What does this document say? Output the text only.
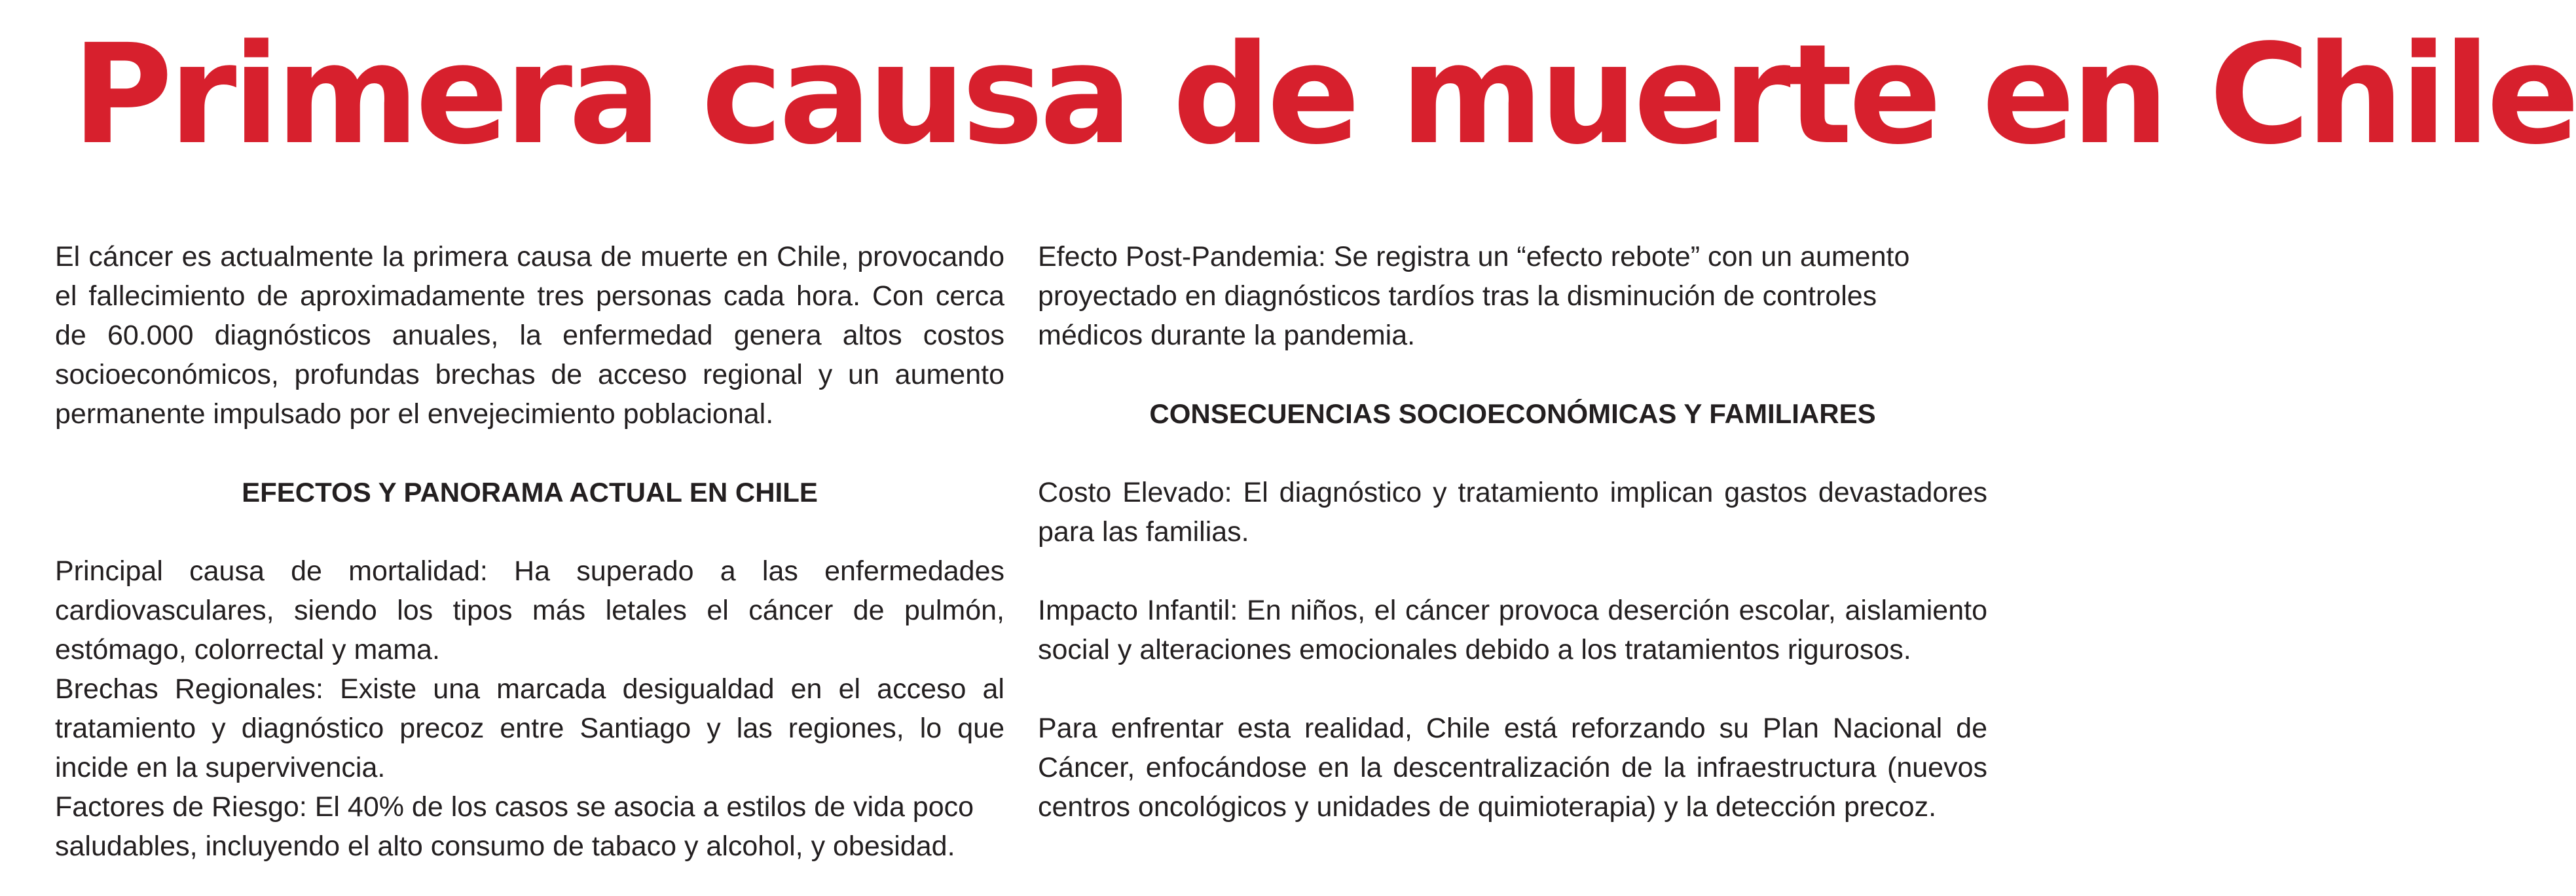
Primera causa de muerte en Chile

El cáncer es actualmente la primera causa de muerte en Chile, provocando el fallecimiento de aproximadamente tres personas cada hora. Con cerca de 60.000 diagnósticos anuales, la enfermedad genera altos costos socioeconómicos, profundas brechas de acceso regional y un aumento permanente impulsado por el envejecimiento poblacional.

EFECTOS Y PANORAMA ACTUAL EN CHILE

Principal causa de mortalidad: Ha superado a las enfermedades cardiovasculares, siendo los tipos más letales el cáncer de pulmón, estómago, colorrectal y mama.

Brechas Regionales: Existe una marcada desigualdad en el acceso al tratamiento y diagnóstico precoz entre Santiago y las regiones, lo que incide en la supervivencia.

Factores de Riesgo: El 40% de los casos se asocia a estilos de vida poco saludables, incluyendo el alto consumo de tabaco y alcohol, y obesidad.

Efecto Post-Pandemia: Se registra un “efecto rebote” con un aumento proyectado en diagnósticos tardíos tras la disminución de controles médicos durante la pandemia.

CONSECUENCIAS SOCIOECONÓMICAS Y FAMILIARES

Costo Elevado: El diagnóstico y tratamiento implican gastos devastadores para las familias.

Impacto Infantil: En niños, el cáncer provoca deserción escolar, aislamiento social y alteraciones emocionales debido a los tratamientos rigurosos.

Para enfrentar esta realidad, Chile está reforzando su Plan Nacional de Cáncer, enfocándose en la descentralización de la infraestructura (nuevos centros oncológicos y unidades de quimioterapia) y la detección precoz.
